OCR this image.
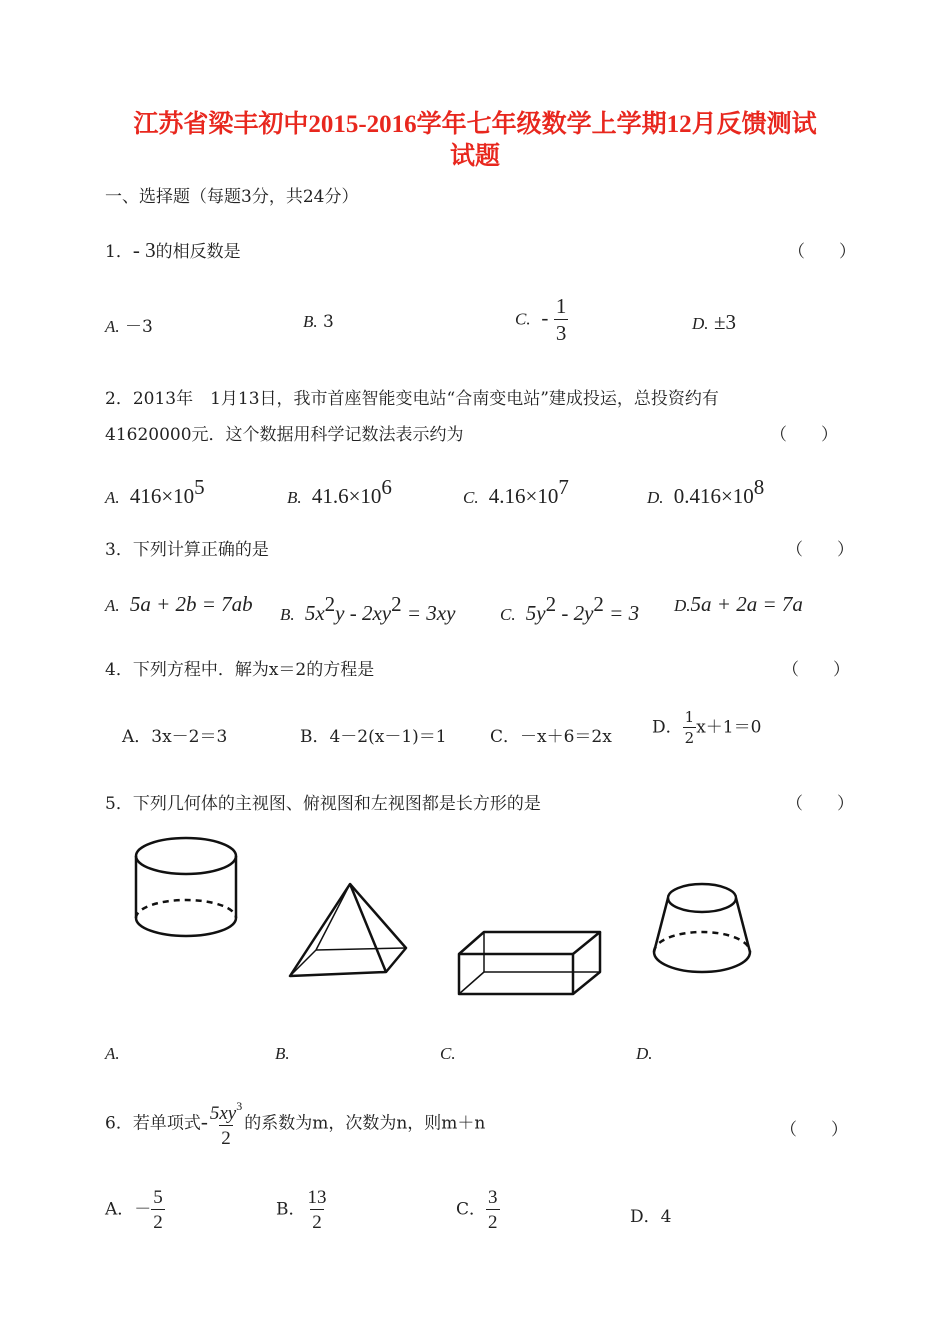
江苏省梁丰初中2015-2016学年七年级数学上学期12月反馈测试
试题
一、选择题（每题3分，共24分）
1．- 3的相反数是	（　　）
A. －3	B. 3	C. - $\frac{1}{3}$	D. ±3
2．2013年　1月13日，我市首座智能变电站“合南变电站”建成投运，总投资约有
41620000元．这个数据用科学记数法表示约为	（　　）
A. $416\times 10^5$	B. $41.6\times 10^6$	C. $4.16\times 10^7$	D. $0.416\times 10^8$
3．下列计算正确的是	（　　）
A. 5a + 2b = 7ab B. $5x^2y - 2xy^2 = 3xy$	C. $5y^2 - 2y^2 = 3$ D.5a + 2a = 7a
4．下列方程中．解为x＝2的方程是	（　　）
A．3x－2＝3	B．4－2(x－1)＝1	C．－x＋6＝2x D． $\frac{1}{2} x+1=0$
5．下列几何体的主视图、俯视图和左视图都是长方形的是	（　　）
A.	B.	C.	D.
6．若单项式- $\frac{5xy^3}{2}$ 的系数为m，次数为n，则m＋n	（　　）
A．－ $\frac{5}{2}$	B． $\frac{13}{2}$	C． $\frac{3}{2}$	D．4
